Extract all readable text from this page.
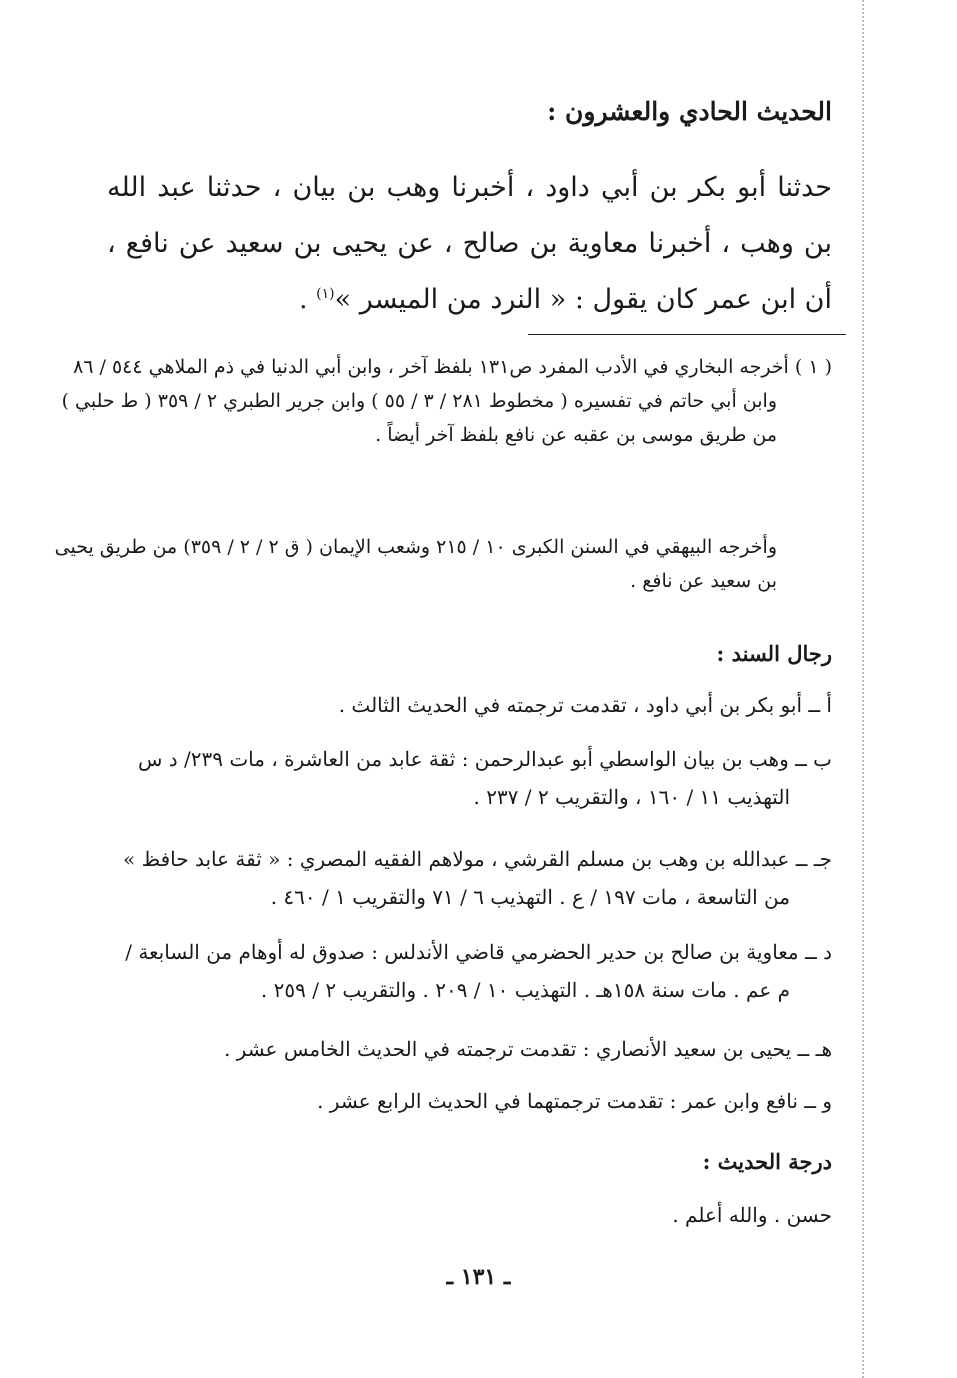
الحديث الحادي والعشرون :
حدثنا أبو بكر بن أبي داود ، أخبرنا وهب بن بيان ، حدثنا عبد الله بن وهب ، أخبرنا معاوية بن صالح ، عن يحيى بن سعيد عن نافع ، أن ابن عمر كان يقول : « النرد من الميسر »$^{(١)}$ .
( ١ ) أخرجه البخاري في الأدب المفرد ص١٣١ بلفظ آخر ، وابن أبي الدنيا في ذم الملاهي ٥٤٤ / ٨٦ وابن أبي حاتم في تفسيره ( مخطوط ٢٨١ / ٣ / ٥٥ ) وابن جرير الطبري ٢ / ٣٥٩ ( ط حلبي ) من طريق موسى بن عقبه عن نافع بلفظ آخر أيضاً .
وأخرجه البيهقي في السنن الكبرى ١٠ / ٢١٥ وشعب الإيمان ( ق ٢ / ٢ / ٣٥٩) من طريق يحيى بن سعيد عن نافع .
رجال السند :
أ ــ أبو بكر بن أبي داود ، تقدمت ترجمته في الحديث الثالث .
ب ــ وهب بن بيان الواسطي أبو عبدالرحمن : ثقة عابد من العاشرة ، مات ٢٣٩/ د س التهذيب ١١ / ١٦٠ ، والتقريب ٢ / ٢٣٧ .
جـ ــ عبدالله بن وهب بن مسلم القرشي ، مولاهم الفقيه المصري : « ثقة عابد حافظ » من التاسعة ، مات ١٩٧ / ع . التهذيب ٦ / ٧١ والتقريب ١ / ٤٦٠ .
د ــ معاوية بن صالح بن حدير الحضرمي قاضي الأندلس : صدوق له أوهام من السابعة / م عم . مات سنة ١٥٨هـ . التهذيب ١٠ / ٢٠٩ . والتقريب ٢ / ٢٥٩ .
هـ ــ يحيى بن سعيد الأنصاري : تقدمت ترجمته في الحديث الخامس عشر .
و ــ نافع وابن عمر : تقدمت ترجمتهما في الحديث الرابع عشر .
درجة الحديث :
حسن . والله أعلم .
ـ ١٣١ ـ
